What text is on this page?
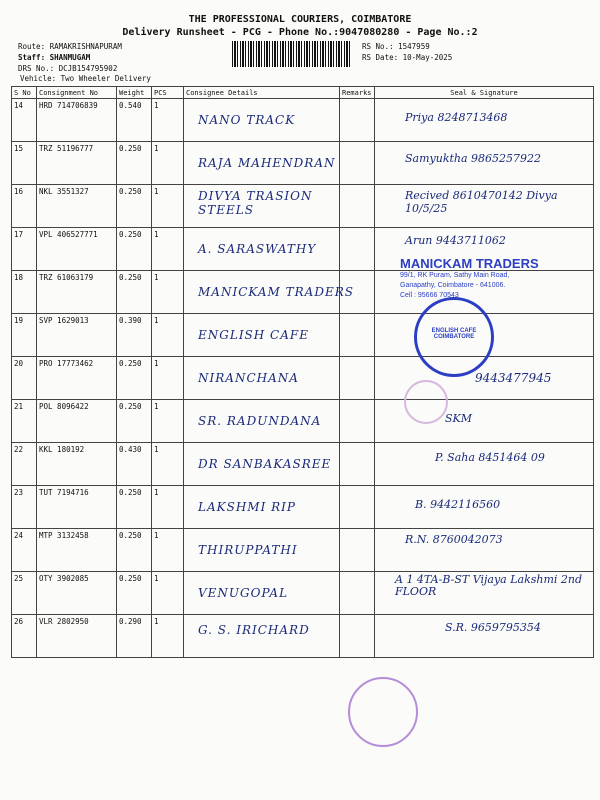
THE PROFESSIONAL COURIERS, COIMBATORE
Delivery Runsheet - PCG - Phone No.:9047080280 - Page No.:2
Route: RAMAKRISHNAPURAM
Staff: SHANMUGAM
DRS No.: DCJB154795902
Vehicle: Two Wheeler Delivery
RS No.: 1547959
RS Date: 10-May-2025
S No	Consignment No	Weight	PCS	Consignee Details	Remarks	Seal & Signature
14	HRD 714706839	0.540	1	NANO TRACK		Priya 8248713468

15	TRZ 51196777	0.250	1	RAJA MAHENDRAN		Samyuktha 9865257922

16	NKL 3551327	0.250	1	DIVYA TRASION STEELS		Recived 8610470142 Divya 10/5/25

17	VPL 406527771	0.250	1	A. SARASWATHY		Arun 9443711062

18	TRZ 61063179	0.250	1	MANICKAM TRADERS		

19	SVP 1629013	0.390	1	ENGLISH CAFE		

20	PRO 17773462	0.250	1	NIRANCHANA		9443477945

21	POL 8096422	0.250	1	SR. RADUNDANA		SKM

22	KKL 180192	0.430	1	DR SANBAKASREE		P. Saha 8451464 09

23	TUT 7194716	0.250	1	LAKSHMI RIP		B. 9442116560

24	MTP 3132458	0.250	1	THIRUPPATHI		R.N. 8760042073

25	OTY 3902085	0.250	1	VENUGOPAL		A 1 4TA-B-ST Vijaya Lakshmi 2nd FLOOR

26	VLR 2802950	0.290	1	G. S. IRICHARD		S.R. 9659795354
MANICKAM TRADERS
99/1, RK Puram, Sathy Main Road,
Ganapathy, Coimbatore - 641006.
Cell : 95666 70543
ENGLISH CAFE COIMBATORE
